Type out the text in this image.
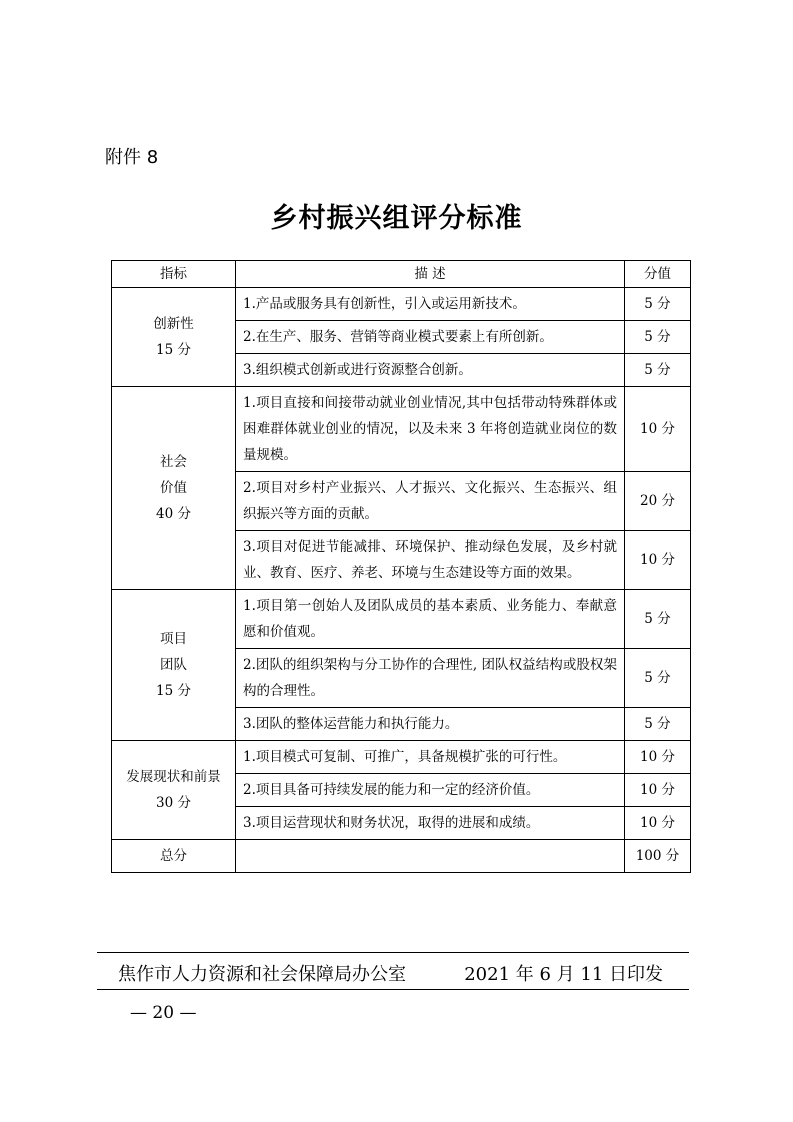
附件 8
乡村振兴组评分标准
指标	描 述	分值

创新性
15 分	1.产品或服务具有创新性，引入或运用新技术。	5 分
	2.在生产、服务、营销等商业模式要素上有所创新。	5 分
	3.组织模式创新或进行资源整合创新。	5 分

社会
价值
40 分	1.项目直接和间接带动就业创业情况,其中包括带动特殊群体或困难群体就业创业的情况，以及未来 3 年将创造就业岗位的数量规模。	10 分
	2.项目对乡村产业振兴、人才振兴、文化振兴、生态振兴、组织振兴等方面的贡献。	20 分
	3.项目对促进节能减排、环境保护、推动绿色发展，及乡村就业、教育、医疗、养老、环境与生态建设等方面的效果。	10 分

项目
团队
15 分	1.项目第一创始人及团队成员的基本素质、业务能力、奉献意愿和价值观。	5 分
	2.团队的组织架构与分工协作的合理性, 团队权益结构或股权架构的合理性。	5 分
	3.团队的整体运营能力和执行能力。	5 分

发展现状和前景
30 分	1.项目模式可复制、可推广，具备规模扩张的可行性。	10 分
	2.项目具备可持续发展的能力和一定的经济价值。	10 分
	3.项目运营现状和财务状况，取得的进展和成绩。	10 分
总分		100 分
焦作市人力资源和社会保障局办公室	2021 年 6 月 11 日印发
— 20 —
